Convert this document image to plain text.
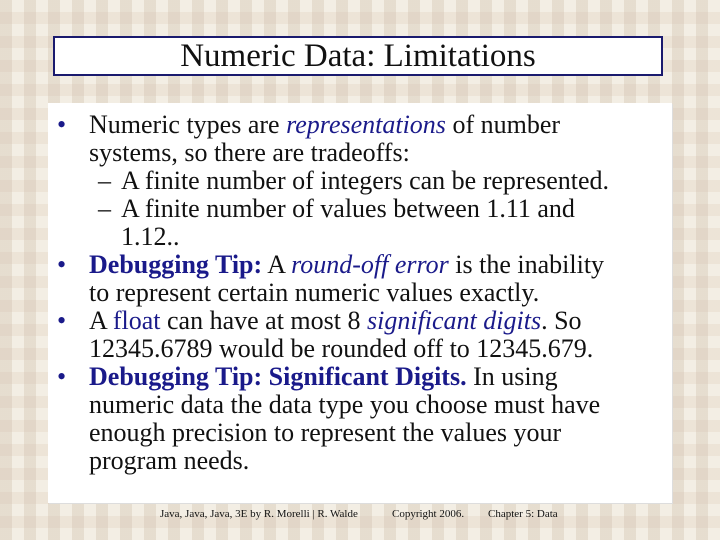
Numeric Data: Limitations
• Numeric types are representations of number
systems, so there are tradeoffs:
– A finite number of integers can be represented.
– A finite number of values between 1.11 and
1.12..
• Debugging Tip: A round-off error is the inability
to represent certain numeric values exactly.
• A float can have at most 8 significant digits. So
12345.6789 would be rounded off to 12345.679.
• Debugging Tip: Significant Digits. In using
numeric data the data type you choose must have
enough precision to represent the values your
program needs.
Java, Java, Java, 3E by R. Morelli | R. Walde	Copyright 2006. Chapter 5: Data
